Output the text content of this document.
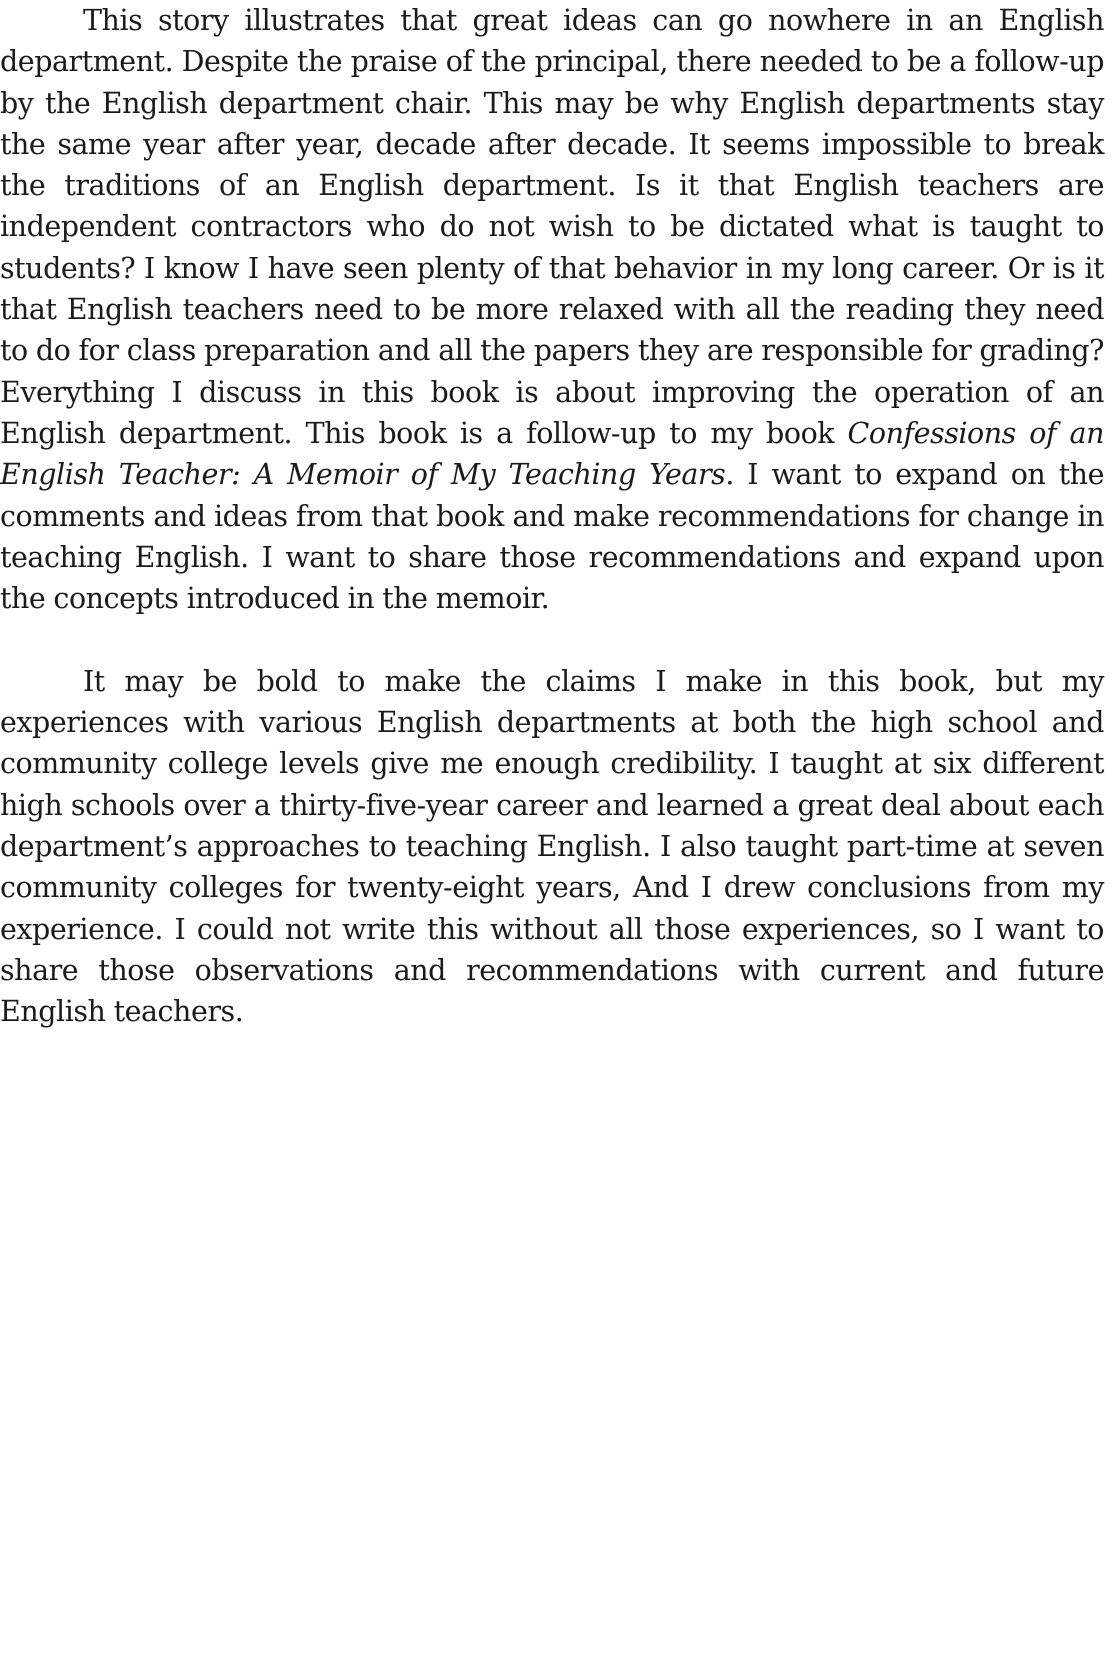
This story illustrates that great ideas can go nowhere in an English department. Despite the praise of the principal, there needed to be a follow-up by the English department chair. This may be why English departments stay the same year after year, decade after decade. It seems impossible to break the traditions of an English department. Is it that English teachers are independent contractors who do not wish to be dictated what is taught to students? I know I have seen plenty of that behavior in my long career. Or is it that English teachers need to be more relaxed with all the reading they need to do for class preparation and all the papers they are responsible for grading? Everything I discuss in this book is about improving the operation of an English department. This book is a follow-up to my book Confessions of an English Teacher: A Memoir of My Teaching Years. I want to expand on the comments and ideas from that book and make recommendations for change in teaching English. I want to share those recommendations and expand upon the concepts introduced in the memoir.

It may be bold to make the claims I make in this book, but my experiences with various English departments at both the high school and community college levels give me enough credibility. I taught at six different high schools over a thirty-five-year career and learned a great deal about each department’s approaches to teaching English. I also taught part-time at seven community colleges for twenty-eight years, And I drew conclusions from my experience. I could not write this without all those experiences, so I want to share those observations and recommendations with current and future English teachers.
